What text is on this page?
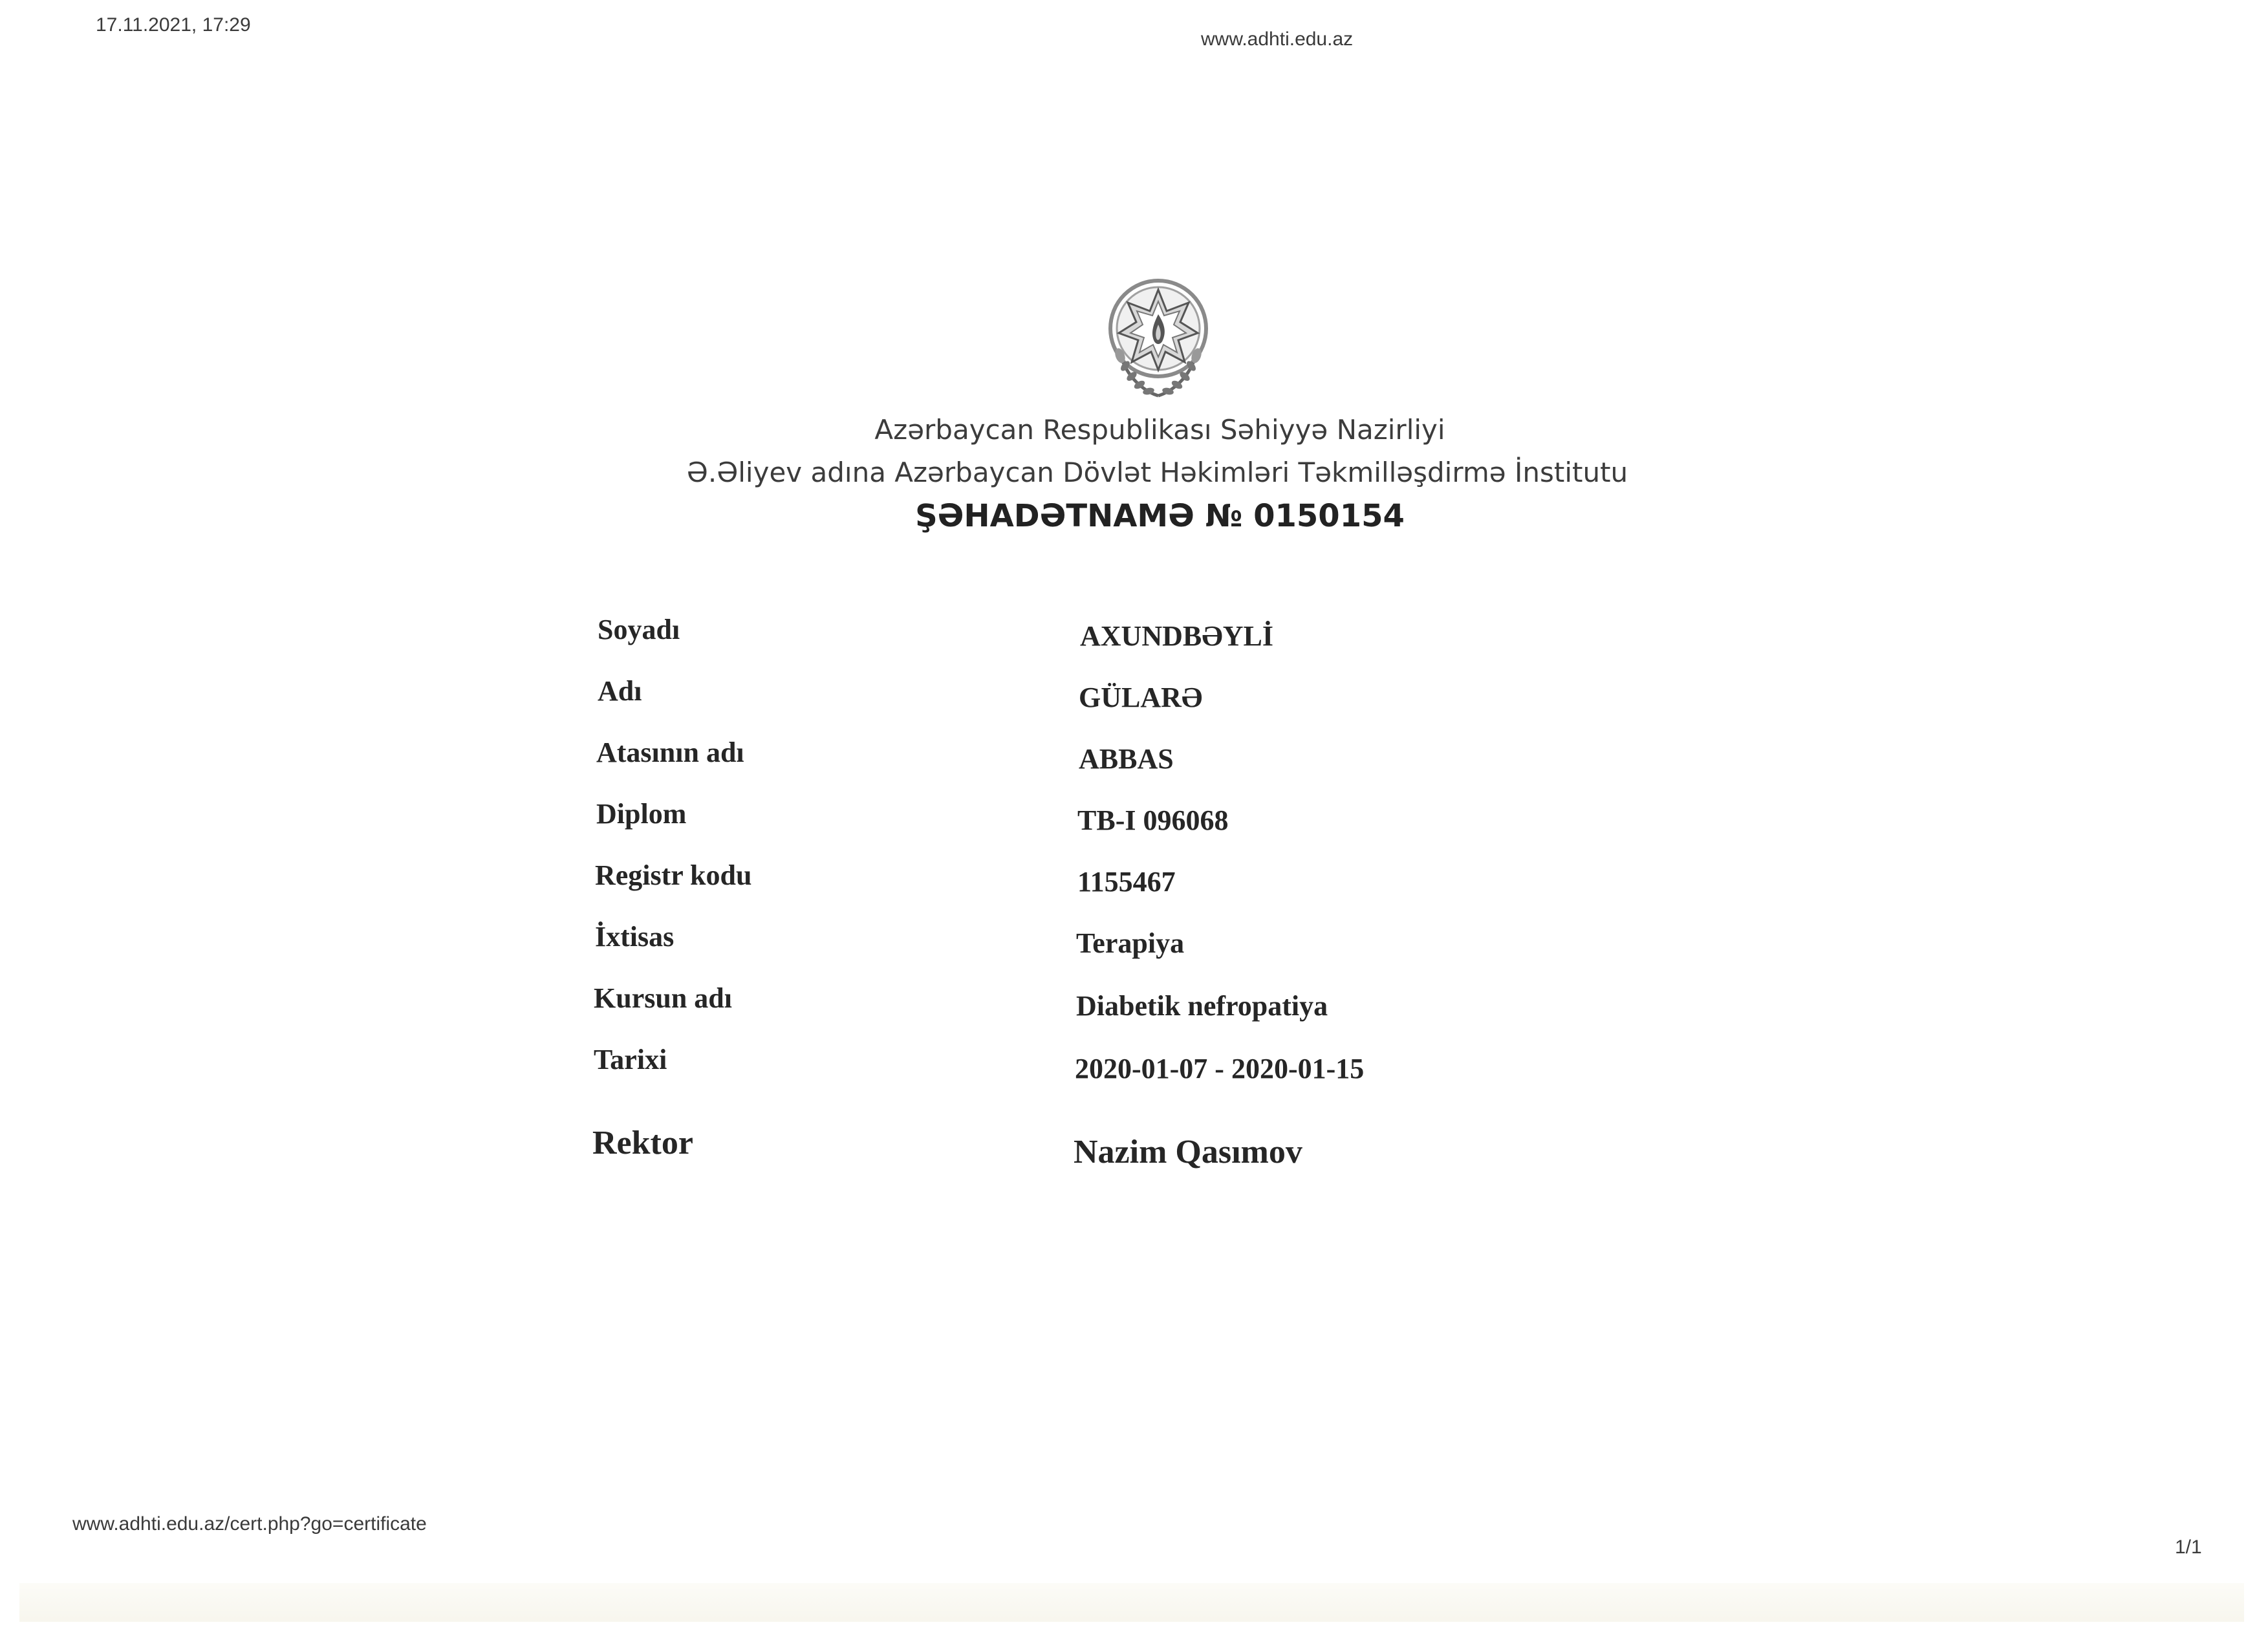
17.11.2021, 17:29
www.adhti.edu.az
Azərbaycan Respublikası Səhiyyə Nazirliyi
Ə.Əliyev adına Azərbaycan Dövlət Həkimləri Təkmilləşdirmə İnstitutu
ŞƏHADƏTNAMƏ № 0150154
Soyadı	AXUNDBƏYLİ
Adı	GÜLARƏ
Atasının adı	ABBAS
Diplom	TB-I 096068
Registr kodu	1155467
İxtisas	Terapiya
Kursun adı	Diabetik nefropatiya
Tarixi	2020-01-07 - 2020-01-15
Rektor	Nazim Qasımov
www.adhti.edu.az/cert.php?go=certificate
1/1
